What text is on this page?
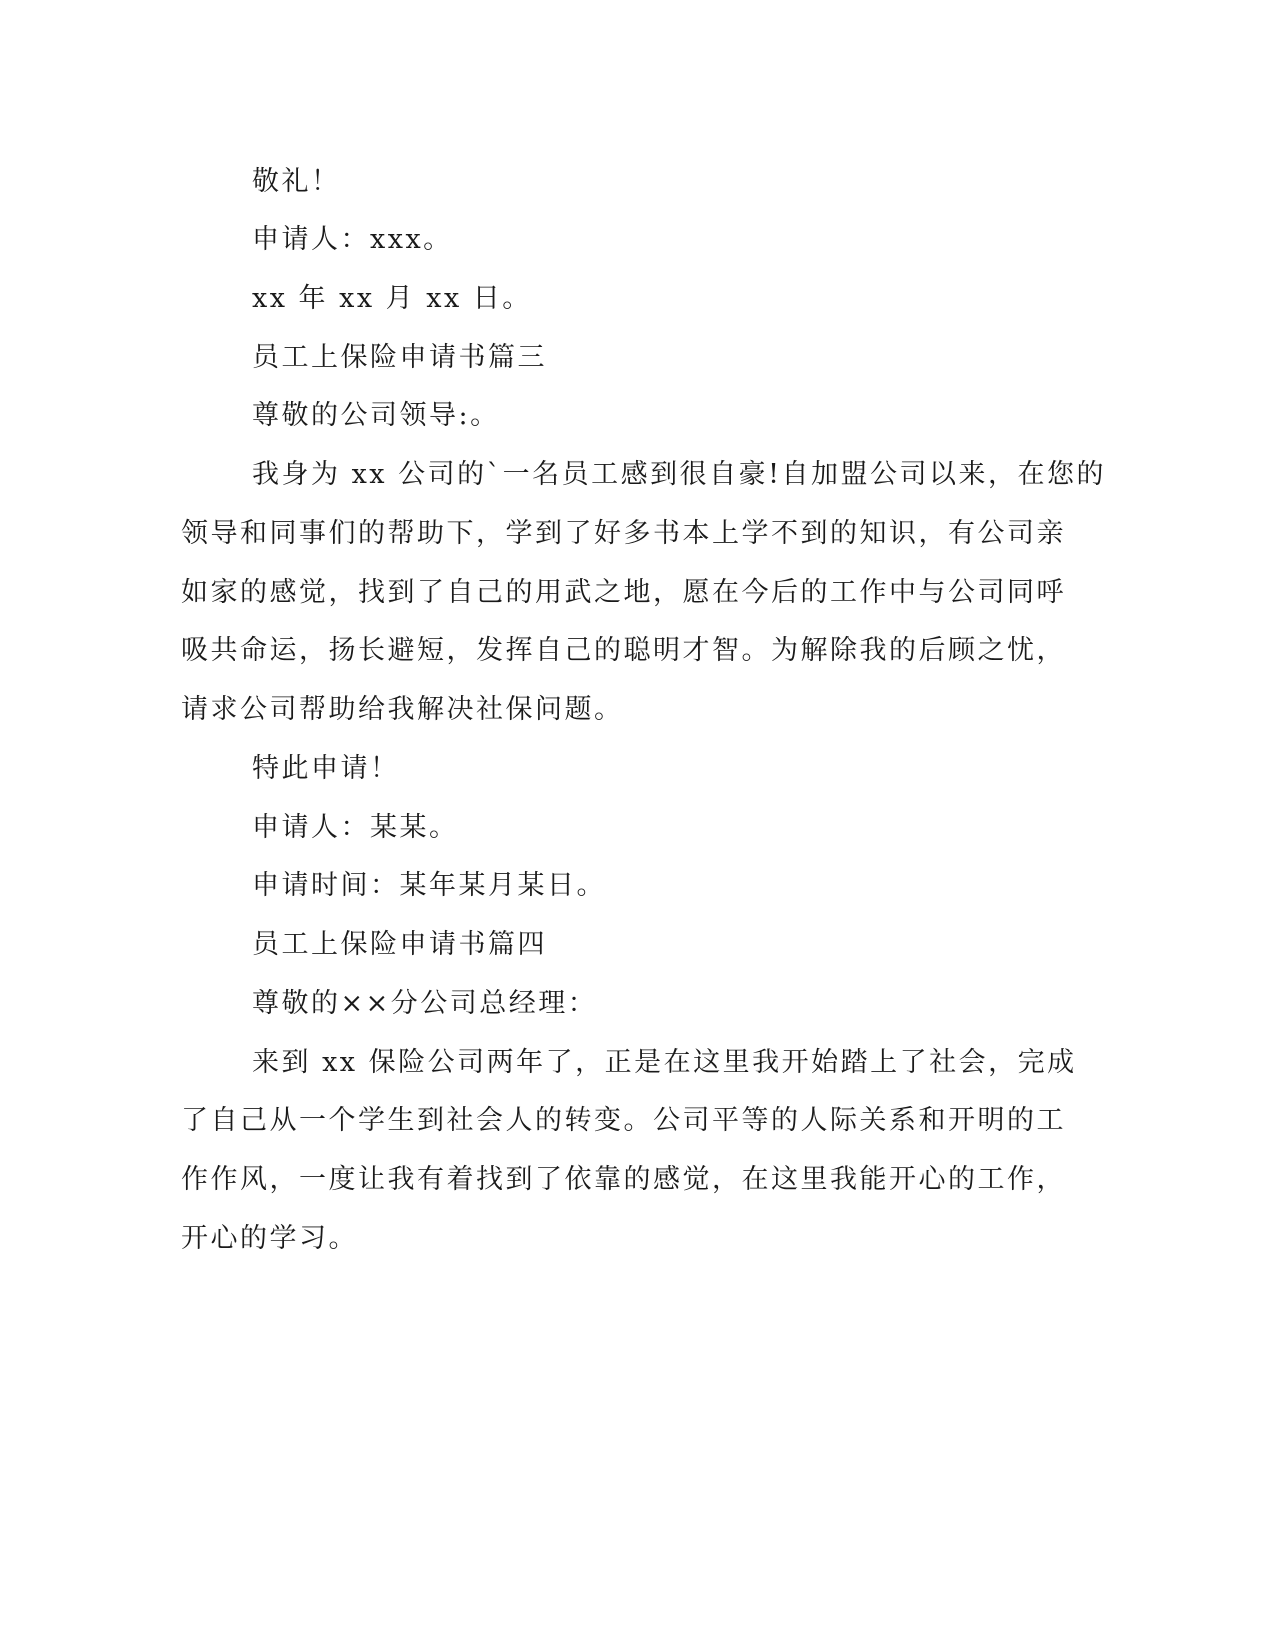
敬礼！
申请人：xxx。
xx 年 xx 月 xx 日。
员工上保险申请书篇三
尊敬的公司领导:。
我身为 xx 公司的`一名员工感到很自豪!自加盟公司以来，在您的
领导和同事们的帮助下，学到了好多书本上学不到的知识，有公司亲
如家的感觉，找到了自己的用武之地，愿在今后的工作中与公司同呼
吸共命运，扬长避短，发挥自己的聪明才智。为解除我的后顾之忧，
请求公司帮助给我解决社保问题。
特此申请！
申请人：某某。
申请时间：某年某月某日。
员工上保险申请书篇四
尊敬的××分公司总经理：
来到 xx 保险公司两年了，正是在这里我开始踏上了社会，完成
了自己从一个学生到社会人的转变。公司平等的人际关系和开明的工
作作风，一度让我有着找到了依靠的感觉，在这里我能开心的工作，
开心的学习。
